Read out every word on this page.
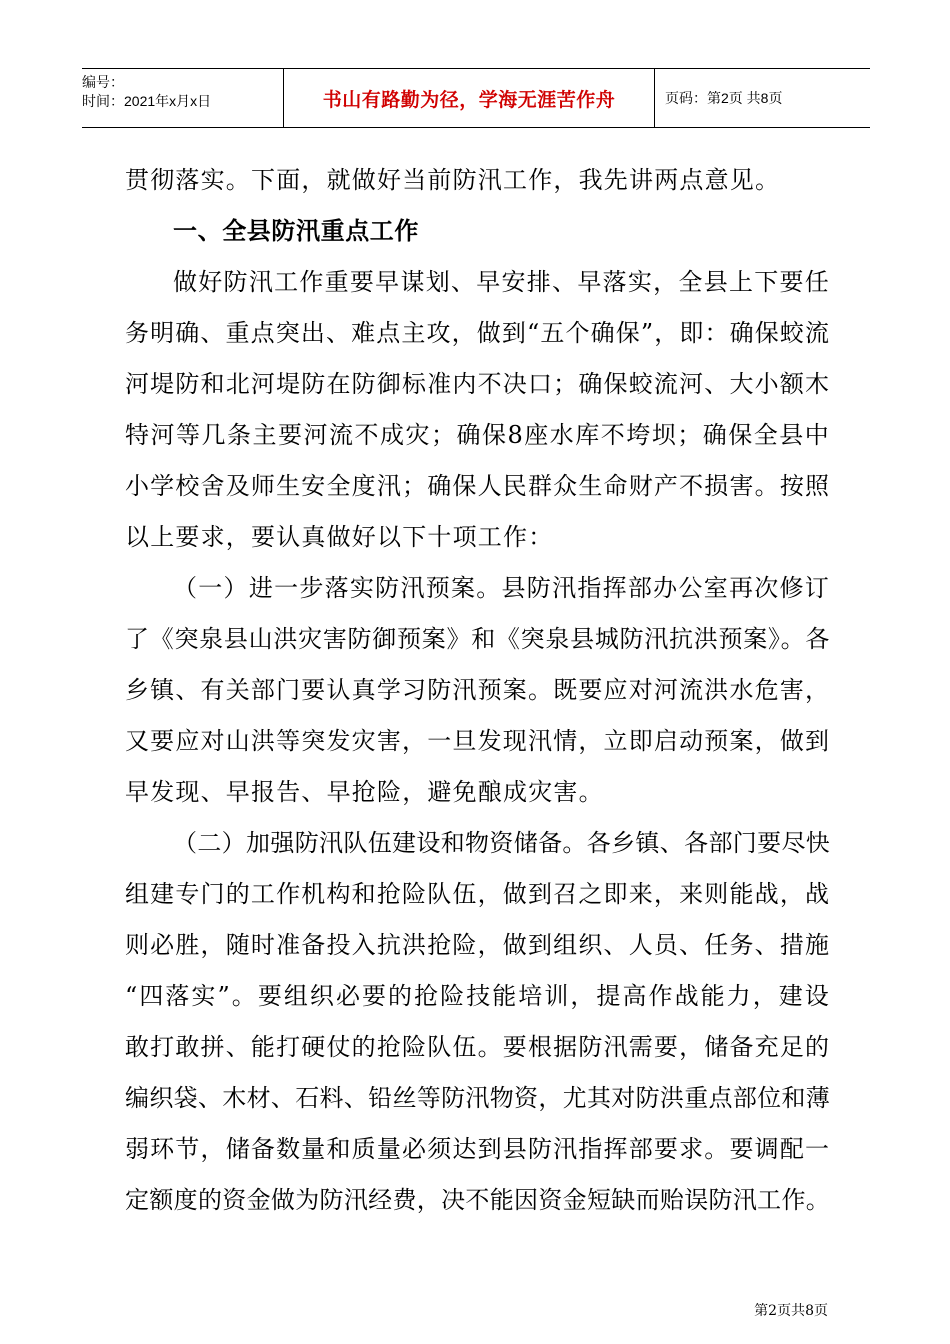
编号：
时间：2021年x月x日	书山有路勤为径，学海无涯苦作舟	页码：第2页 共8页
贯彻落实。下面，就做好当前防汛工作，我先讲两点意见。
一、全县防汛重点工作
做好防汛工作重要早谋划、早安排、早落实，全县上下要任
务明确、重点突出、难点主攻，做到“五个确保”，即：确保蛟流
河堤防和北河堤防在防御标准内不决口；确保蛟流河、大小额木
特河等几条主要河流不成灾；确保8座水库不垮坝；确保全县中
小学校舍及师生安全度汛；确保人民群众生命财产不损害。按照
以上要求，要认真做好以下十项工作：
（一）进一步落实防汛预案。县防汛指挥部办公室再次修订
了《突泉县山洪灾害防御预案》和《突泉县城防汛抗洪预案》。各
乡镇、有关部门要认真学习防汛预案。既要应对河流洪水危害，
又要应对山洪等突发灾害，一旦发现汛情，立即启动预案，做到
早发现、早报告、早抢险，避免酿成灾害。
（二）加强防汛队伍建设和物资储备。各乡镇、各部门要尽快
组建专门的工作机构和抢险队伍，做到召之即来，来则能战，战
则必胜，随时准备投入抗洪抢险，做到组织、人员、任务、措施
“四落实”。要组织必要的抢险技能培训，提高作战能力，建设
敢打敢拼、能打硬仗的抢险队伍。要根据防汛需要，储备充足的
编织袋、木材、石料、铅丝等防汛物资，尤其对防洪重点部位和薄
弱环节，储备数量和质量必须达到县防汛指挥部要求。要调配一
定额度的资金做为防汛经费，决不能因资金短缺而贻误防汛工作。
第2页共8页
